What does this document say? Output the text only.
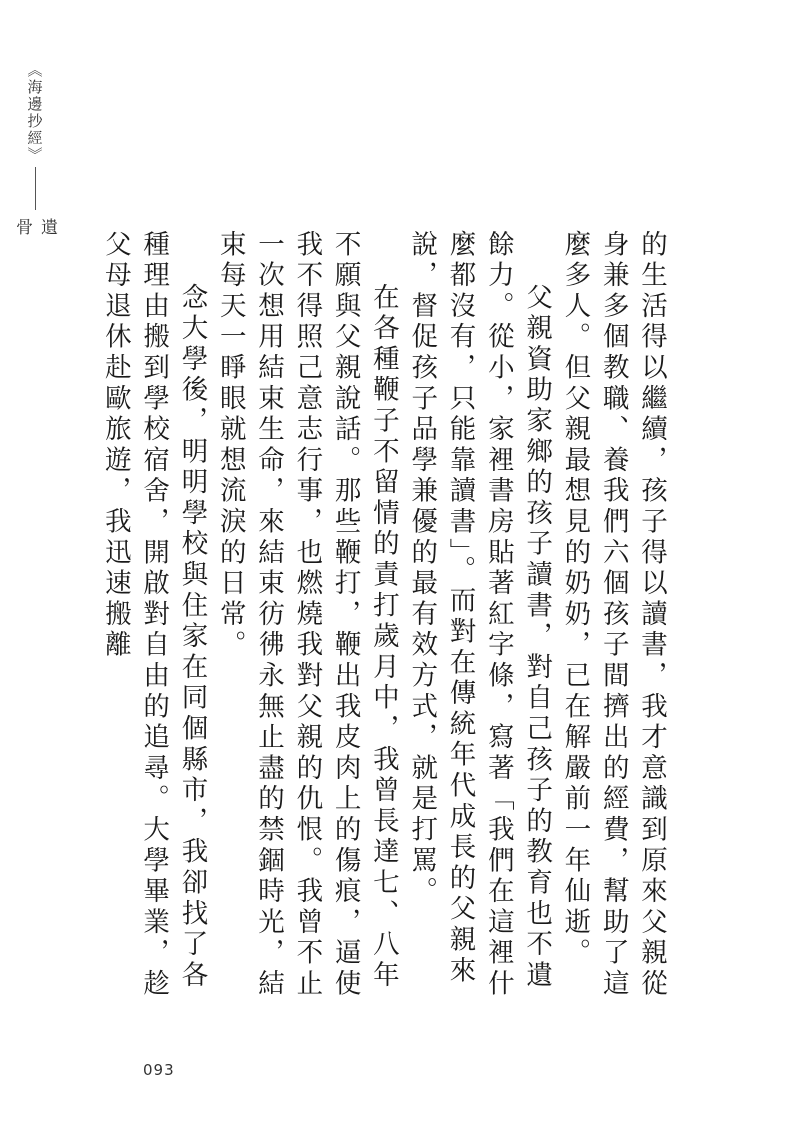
《海邊抄經》
遺骨

的生活得以繼續，孩子得以讀書，我才意識到原來父親從身兼多個教職、養我們六個孩子間擠出的經費，幫助了這麼多人。但父親最想見的奶奶，已在解嚴前一年仙逝。

父親資助家鄉的孩子讀書，對自己孩子的教育也不遺餘力。從小，家裡書房貼著紅字條，寫著「我們在這裡什麼都沒有，只能靠讀書」。而對在傳統年代成長的父親來說，督促孩子品學兼優的最有效方式，就是打罵。

在各種鞭子不留情的責打歲月中，我曾長達七、八年不願與父親說話。那些鞭打，鞭出我皮肉上的傷痕，逼使我不得照己意志行事，也燃燒我對父親的仇恨。我曾不止一次想用結束生命，來結束彷彿永無止盡的禁錮時光，結束每天一睜眼就想流淚的日常。

念大學後，明明學校與住家在同個縣市，我卻找了各種理由搬到學校宿舍，開啟對自由的追尋。大學畢業，趁父母退休赴歐旅遊，我迅速搬離

093
